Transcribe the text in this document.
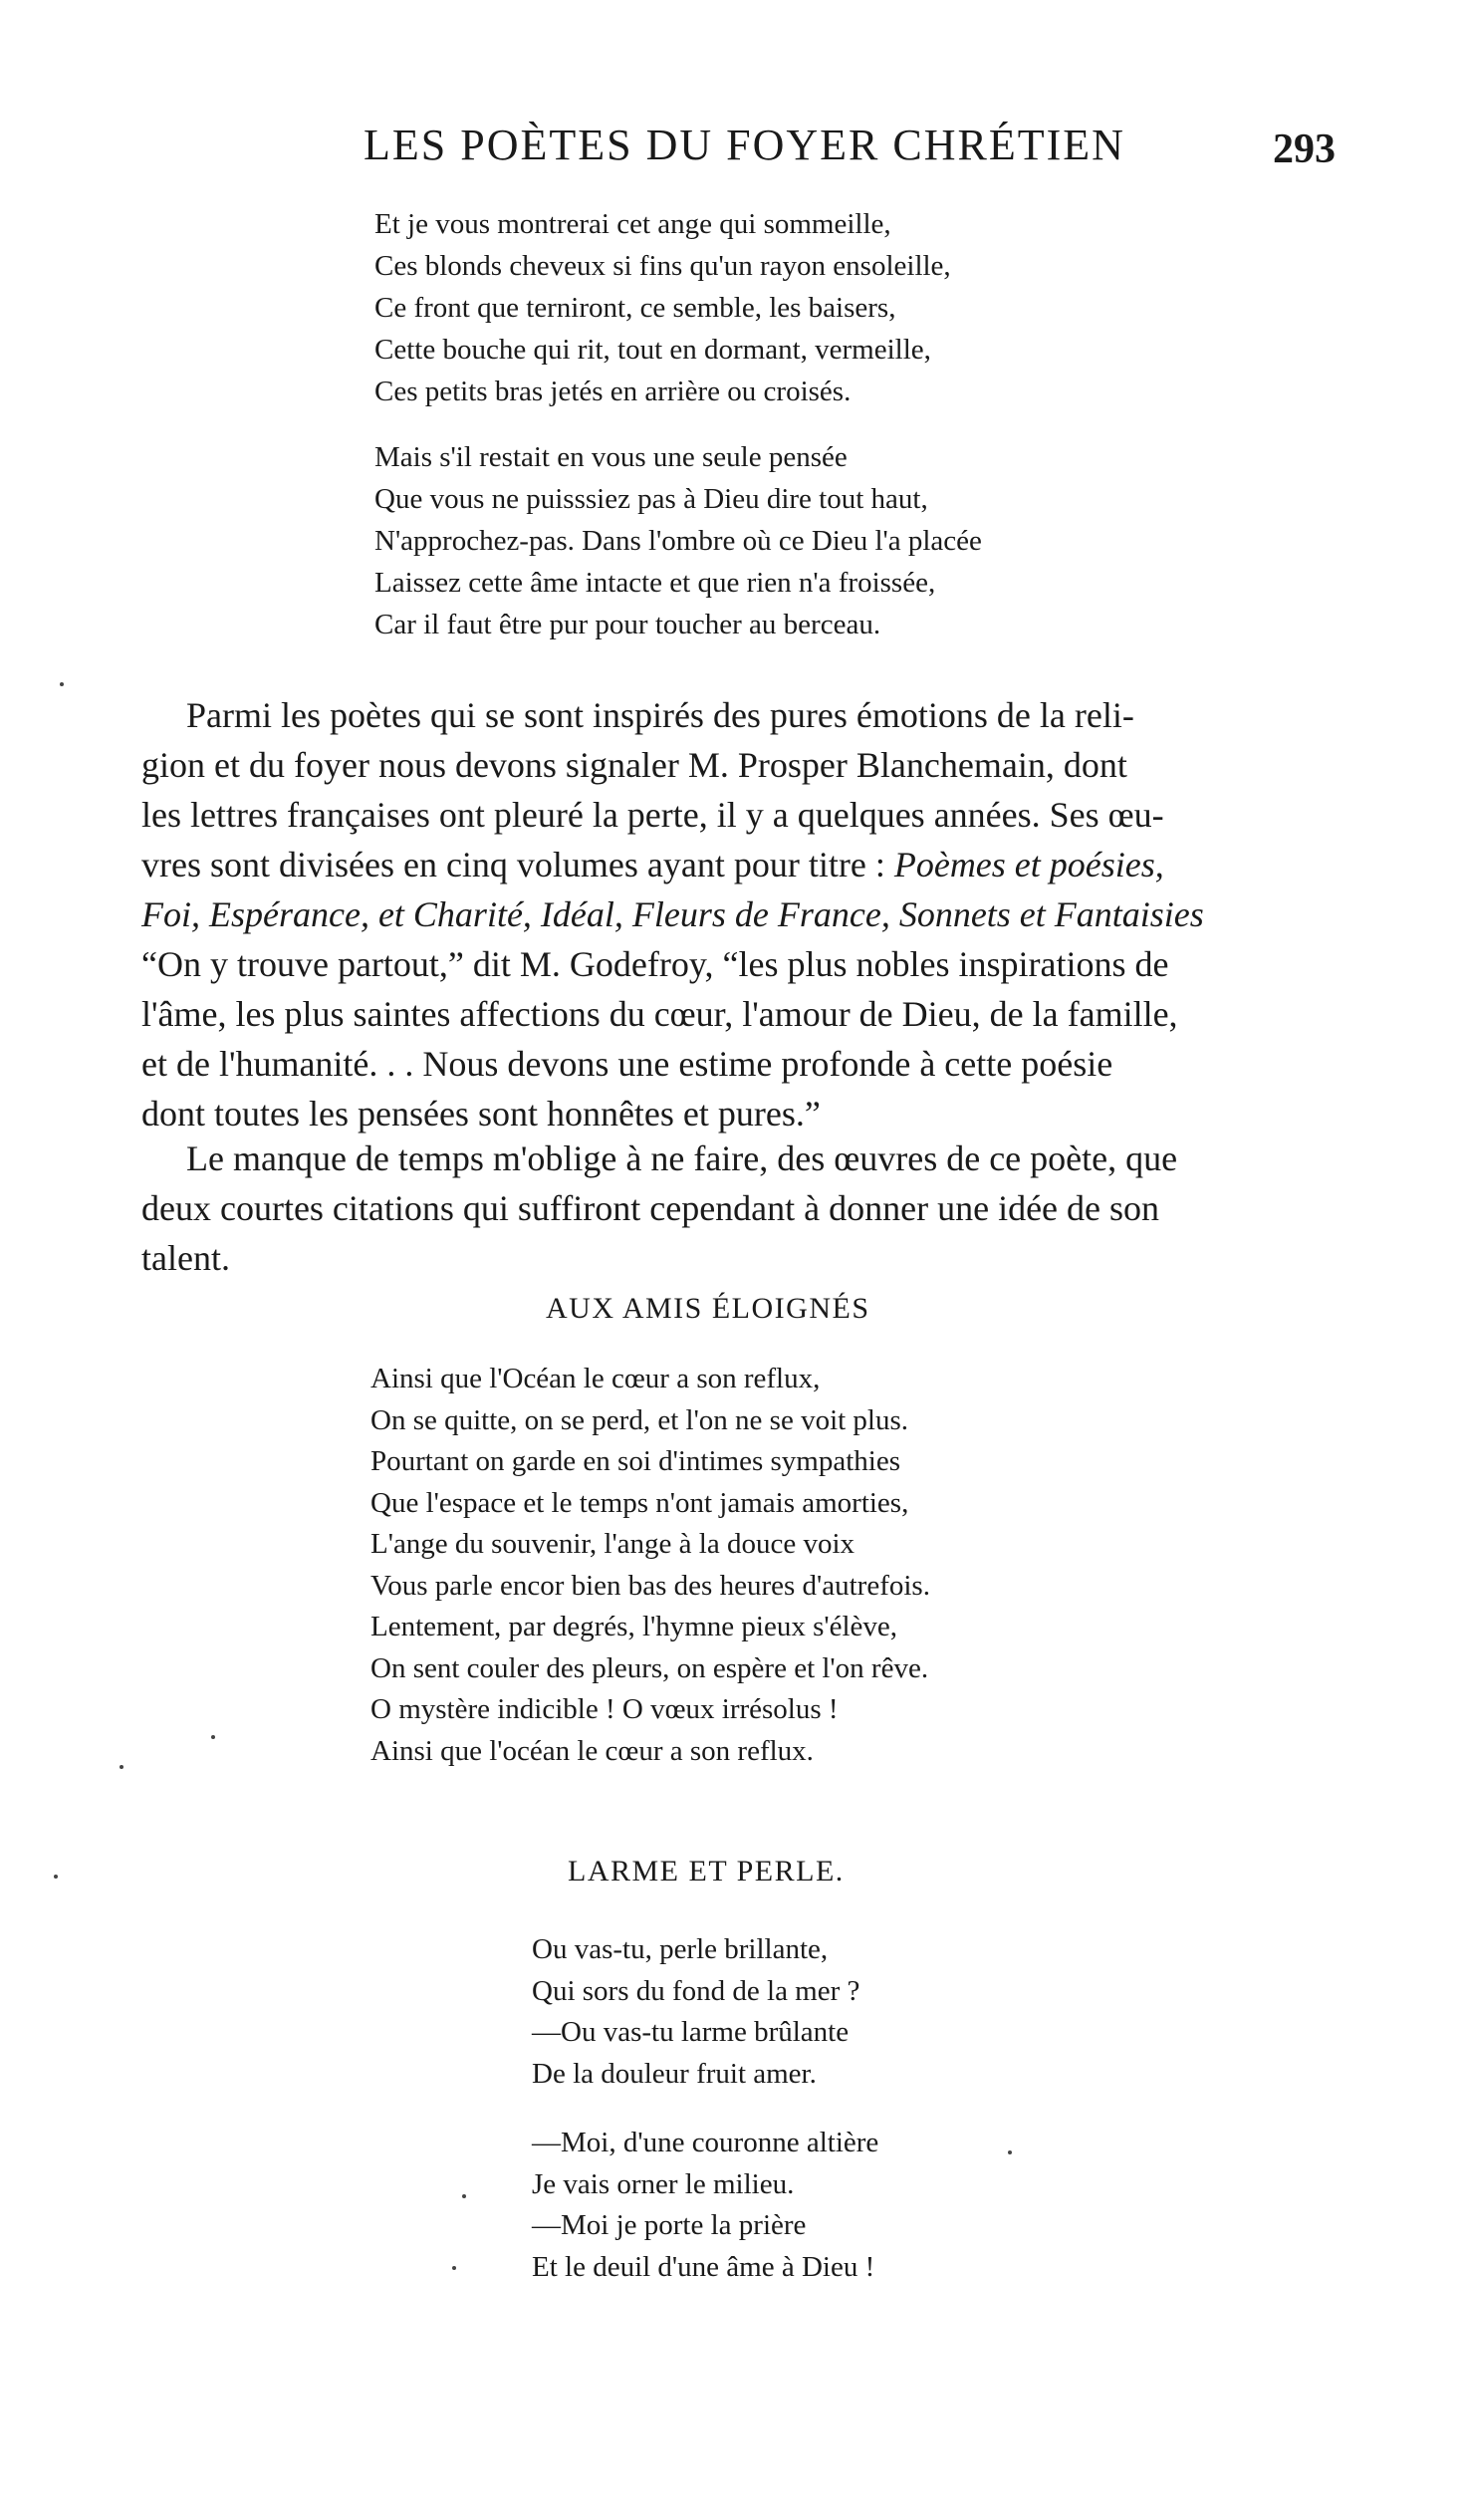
LES POÈTES DU FOYER CHRÉTIEN	293
Et je vous montrerai cet ange qui sommeille,
Ces blonds cheveux si fins qu'un rayon ensoleille,
Ce front que terniront, ce semble, les baisers,
Cette bouche qui rit, tout en dormant, vermeille,
Ces petits bras jetés en arrière ou croisés.
Mais s'il restait en vous une seule pensée
Que vous ne puisssiez pas à Dieu dire tout haut,
N'approchez-pas. Dans l'ombre où ce Dieu l'a placée
Laissez cette âme intacte et que rien n'a froissée,
Car il faut être pur pour toucher au berceau.

Parmi les poètes qui se sont inspirés des pures émotions de la reli-
gion et du foyer nous devons signaler M. Prosper Blanchemain, dont
les lettres françaises ont pleuré la perte, il y a quelques années. Ses œu-
vres sont divisées en cinq volumes ayant pour titre : Poèmes et poésies,
Foi, Espérance, et Charité, Idéal, Fleurs de France, Sonnets et Fantaisies
“On y trouve partout,” dit M. Godefroy, “les plus nobles inspirations de
l'âme, les plus saintes affections du cœur, l'amour de Dieu, de la famille,
et de l'humanité. . . Nous devons une estime profonde à cette poésie
dont toutes les pensées sont honnêtes et pures.”

Le manque de temps m'oblige à ne faire, des œuvres de ce poète, que
deux courtes citations qui suffiront cependant à donner une idée de son
talent.

AUX AMIS ÉLOIGNÉS
Ainsi que l'Océan le cœur a son reflux,
On se quitte, on se perd, et l'on ne se voit plus.
Pourtant on garde en soi d'intimes sympathies
Que l'espace et le temps n'ont jamais amorties,
L'ange du souvenir, l'ange à la douce voix
Vous parle encor bien bas des heures d'autrefois.
Lentement, par degrés, l'hymne pieux s'élève,
On sent couler des pleurs, on espère et l'on rêve.
O mystère indicible ! O vœux irrésolus !
Ainsi que l'océan le cœur a son reflux.
LARME ET PERLE.
Ou vas-tu, perle brillante,
Qui sors du fond de la mer ?
—Ou vas-tu larme brûlante
De la douleur fruit amer.
—Moi, d'une couronne altière
Je vais orner le milieu.
—Moi je porte la prière
Et le deuil d'une âme à Dieu !
